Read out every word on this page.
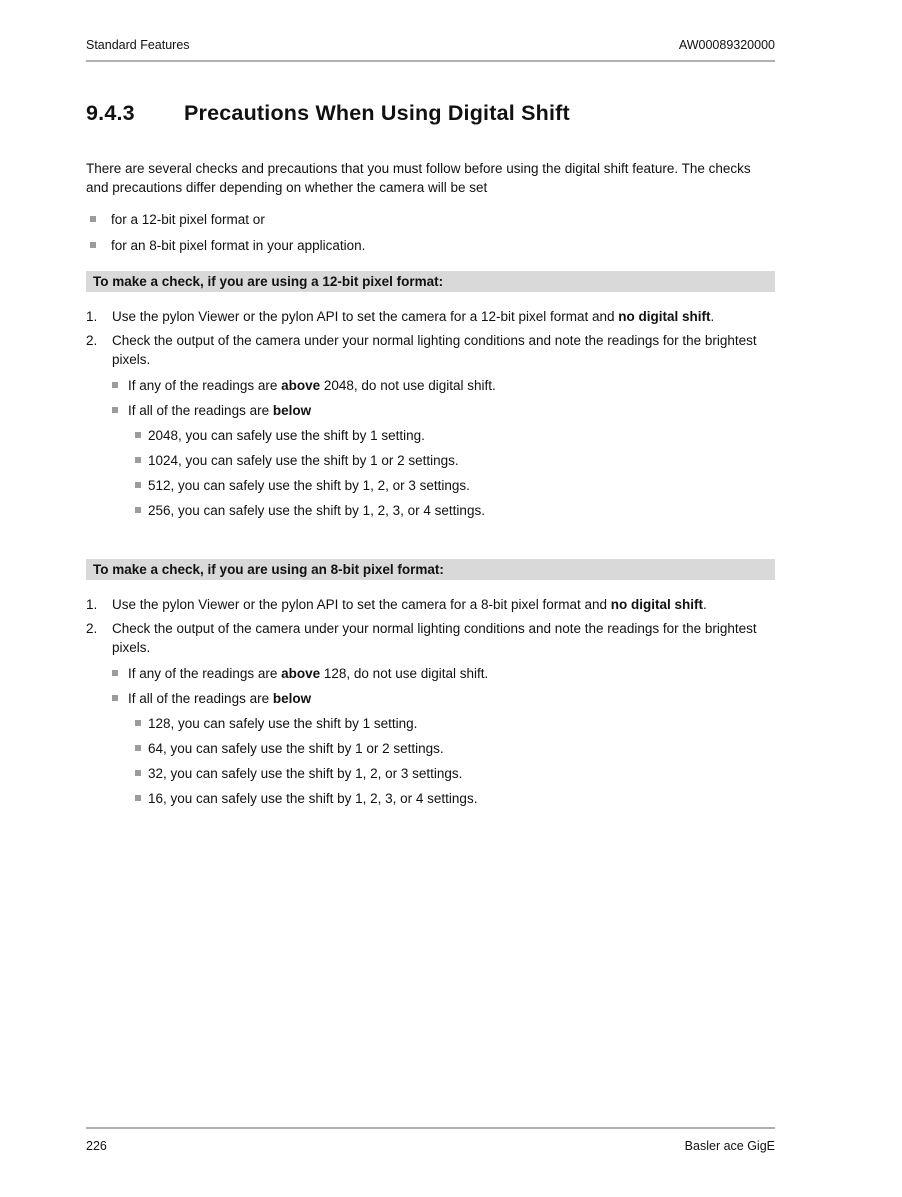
Standard Features	AW00089320000
9.4.3 Precautions When Using Digital Shift

There are several checks and precautions that you must follow before using the digital shift feature. The checks and precautions differ depending on whether the camera will be set

for a 12-bit pixel format or
for an 8-bit pixel format in your application.
To make a check, if you are using a 12-bit pixel format:
1.	Use the pylon Viewer or the pylon API to set the camera for a 12-bit pixel format and no digital shift.
2.	Check the output of the camera under your normal lighting conditions and note the readings for the brightest pixels.
If any of the readings are above 2048, do not use digital shift.
If all of the readings are below
2048, you can safely use the shift by 1 setting.
1024, you can safely use the shift by 1 or 2 settings.
512, you can safely use the shift by 1, 2, or 3 settings.
256, you can safely use the shift by 1, 2, 3, or 4 settings.
To make a check, if you are using an 8-bit pixel format:
1.	Use the pylon Viewer or the pylon API to set the camera for a 8-bit pixel format and no digital shift.
2.	Check the output of the camera under your normal lighting conditions and note the readings for the brightest pixels.
If any of the readings are above 128, do not use digital shift.
If all of the readings are below
128, you can safely use the shift by 1 setting.
64, you can safely use the shift by 1 or 2 settings.
32, you can safely use the shift by 1, 2, or 3 settings.
16, you can safely use the shift by 1, 2, 3, or 4 settings.
226	Basler ace GigE
